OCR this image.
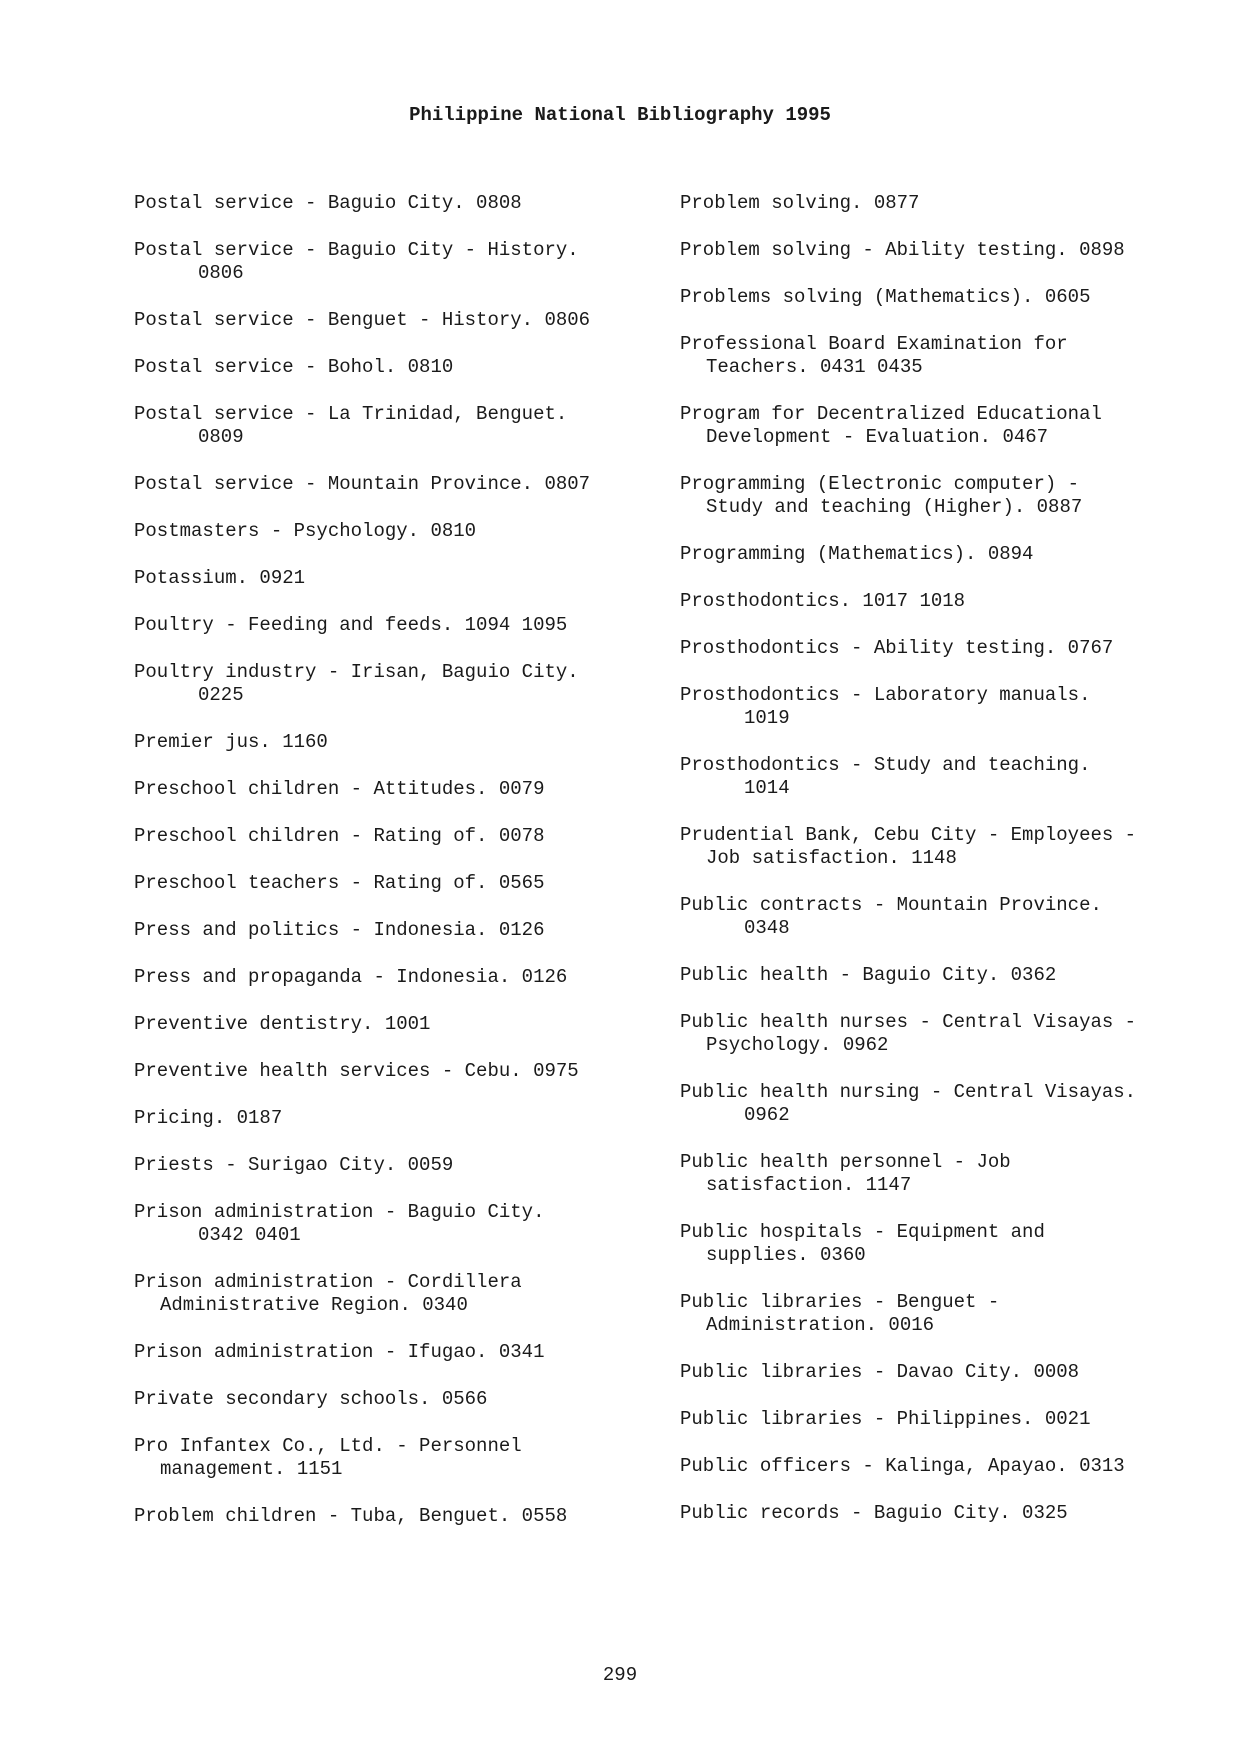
Philippine National Bibliography 1995
Postal service - Baguio City. 0808
Postal service - Baguio City - History.
0806
Postal service - Benguet - History. 0806
Postal service - Bohol. 0810
Postal service - La Trinidad, Benguet.
0809
Postal service - Mountain Province. 0807
Postmasters - Psychology. 0810
Potassium. 0921
Poultry - Feeding and feeds. 1094 1095
Poultry industry - Irisan, Baguio City.
0225
Premier jus. 1160
Preschool children - Attitudes. 0079
Preschool children - Rating of. 0078
Preschool teachers - Rating of. 0565
Press and politics - Indonesia. 0126
Press and propaganda - Indonesia. 0126
Preventive dentistry. 1001
Preventive health services - Cebu. 0975
Pricing. 0187
Priests - Surigao City. 0059
Prison administration - Baguio City.
0342 0401
Prison administration - Cordillera
Administrative Region. 0340
Prison administration - Ifugao. 0341
Private secondary schools. 0566
Pro Infantex Co., Ltd. - Personnel
management. 1151
Problem children - Tuba, Benguet. 0558
Problem solving. 0877
Problem solving - Ability testing. 0898
Problems solving (Mathematics). 0605
Professional Board Examination for
Teachers. 0431 0435
Program for Decentralized Educational
Development - Evaluation. 0467
Programming (Electronic computer) -
Study and teaching (Higher). 0887
Programming (Mathematics). 0894
Prosthodontics. 1017 1018
Prosthodontics - Ability testing. 0767
Prosthodontics - Laboratory manuals.
1019
Prosthodontics - Study and teaching.
1014
Prudential Bank, Cebu City - Employees -
Job satisfaction. 1148
Public contracts - Mountain Province.
0348
Public health - Baguio City. 0362
Public health nurses - Central Visayas -
Psychology. 0962
Public health nursing - Central Visayas.
0962
Public health personnel - Job
satisfaction. 1147
Public hospitals - Equipment and
supplies. 0360
Public libraries - Benguet -
Administration. 0016
Public libraries - Davao City. 0008
Public libraries - Philippines. 0021
Public officers - Kalinga, Apayao. 0313
Public records - Baguio City. 0325
299
